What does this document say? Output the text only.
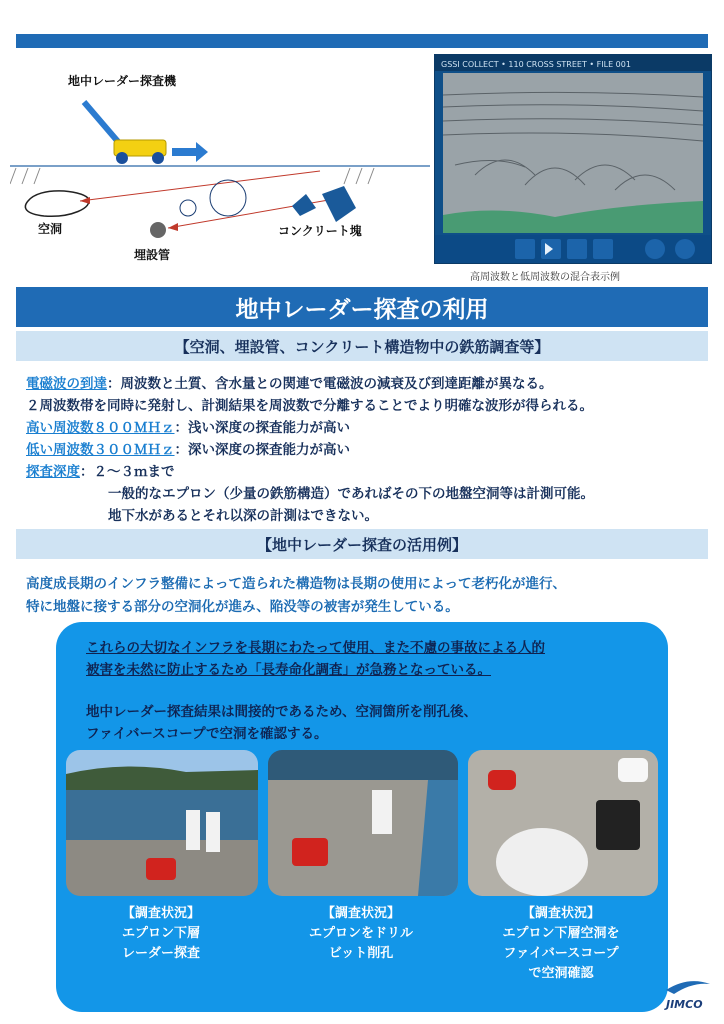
地中レーダー探査機
空洞
埋設管
コンクリート塊
GSSI COLLECT • 110 CROSS STREET • FILE 001
高周波数と低周波数の混合表示例
地中レーダー探査の利用
【空洞、埋設管、コンクリート構造物中の鉄筋調査等】
電磁波の到達：周波数と土質、含水量との関連で電磁波の減衰及び到達距離が異なる。
２周波数帯を同時に発射し、計測結果を周波数で分離することでより明確な波形が得られる。
高い周波数８００ＭＨｚ：浅い深度の探査能力が高い
低い周波数３００ＭＨｚ：深い深度の探査能力が高い
探査深度：２～３ｍまで
一般的なエプロン（少量の鉄筋構造）であればその下の地盤空洞等は計測可能。
地下水があるとそれ以深の計測はできない。
【地中レーダー探査の活用例】
高度成長期のインフラ整備によって造られた構造物は長期の使用によって老朽化が進行、
特に地盤に接する部分の空洞化が進み、陥没等の被害が発生している。
これらの大切なインフラを長期にわたって使用、また不慮の事故による人的
被害を未然に防止するため「長寿命化調査」が急務となっている。
地中レーダー探査結果は間接的であるため、空洞箇所を削孔後、
ファイバースコープで空洞を確認する。
【調査状況】
エプロン下層
レーダー探査
【調査状況】
エプロンをドリル
ビット削孔
【調査状況】
エプロン下層空洞を
ファイバースコープ
で空洞確認
JIMCO
